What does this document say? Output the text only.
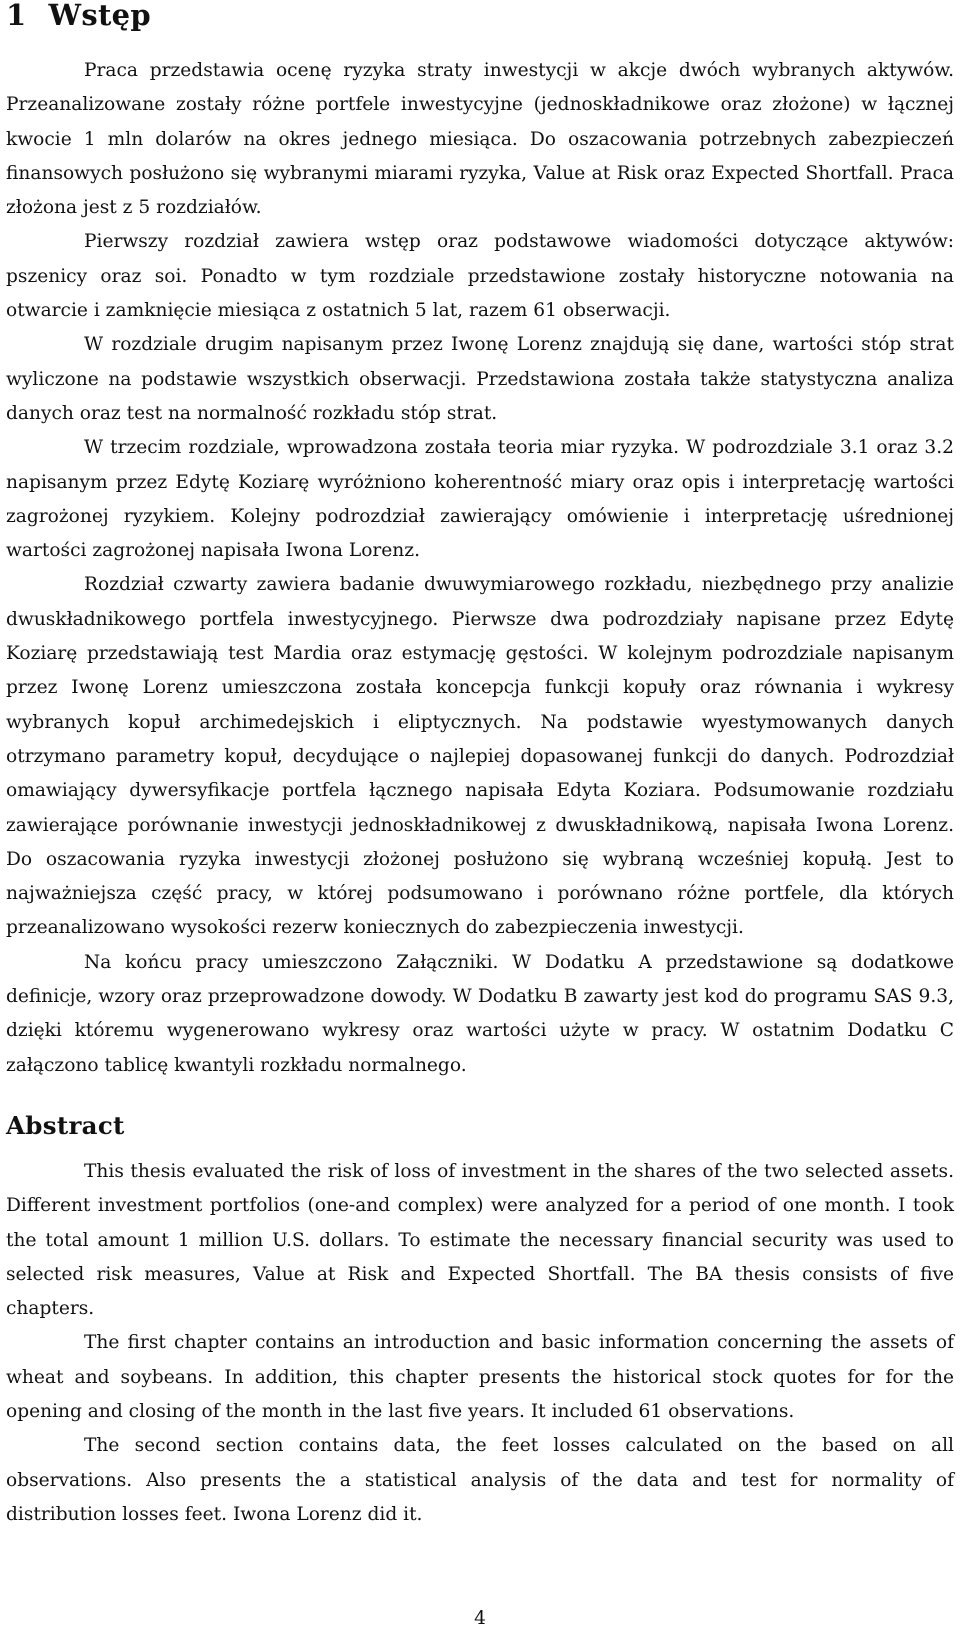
1 Wstęp

Praca przedstawia ocenę ryzyka straty inwestycji w akcje dwóch wybranych aktywów. Przeanalizowane zostały różne portfele inwestycyjne (jednoskładnikowe oraz złożone) w łącznej kwocie 1 mln dolarów na okres jednego miesiąca. Do oszacowania potrzebnych zabezpieczeń finansowych posłużono się wybranymi miarami ryzyka, Value at Risk oraz Expected Shortfall. Praca złożona jest z 5 rozdziałów.

Pierwszy rozdział zawiera wstęp oraz podstawowe wiadomości dotyczące aktywów: pszenicy oraz soi. Ponadto w tym rozdziale przedstawione zostały historyczne notowania na otwarcie i zamknięcie miesiąca z ostatnich 5 lat, razem 61 obserwacji.

W rozdziale drugim napisanym przez Iwonę Lorenz znajdują się dane, wartości stóp strat wyliczone na podstawie wszystkich obserwacji. Przedstawiona została także statystyczna analiza danych oraz test na normalność rozkładu stóp strat.

W trzecim rozdziale, wprowadzona została teoria miar ryzyka. W podrozdziale 3.1 oraz 3.2 napisanym przez Edytę Koziarę wyróżniono koherentność miary oraz opis i interpretację wartości zagrożonej ryzykiem. Kolejny podrozdział zawierający omówienie i interpretację uśrednionej wartości zagrożonej napisała Iwona Lorenz.

Rozdział czwarty zawiera badanie dwuwymiarowego rozkładu, niezbędnego przy analizie dwuskładnikowego portfela inwestycyjnego. Pierwsze dwa podrozdziały napisane przez Edytę Koziarę przedstawiają test Mardia oraz estymację gęstości. W kolejnym podrozdziale napisanym przez Iwonę Lorenz umieszczona została koncepcja funkcji kopuły oraz równania i wykresy wybranych kopuł archimedejskich i eliptycznych. Na podstawie wyestymowanych danych otrzymano parametry kopuł, decydujące o najlepiej dopasowanej funkcji do danych. Podrozdział omawiający dywersyfikacje portfela łącznego napisała Edyta Koziara. Podsumowanie rozdziału zawierające porównanie inwestycji jednoskładnikowej z dwuskładnikową, napisała Iwona Lorenz. Do oszacowania ryzyka inwestycji złożonej posłużono się wybraną wcześniej kopułą. Jest to najważniejsza część pracy, w której podsumowano i porównano różne portfele, dla których przeanalizowano wysokości rezerw koniecznych do zabezpieczenia inwestycji.

Na końcu pracy umieszczono Załączniki. W Dodatku A przedstawione są dodatkowe definicje, wzory oraz przeprowadzone dowody. W Dodatku B zawarty jest kod do programu SAS 9.3, dzięki któremu wygenerowano wykresy oraz wartości użyte w pracy. W ostatnim Dodatku C załączono tablicę kwantyli rozkładu normalnego.

Abstract

This thesis evaluated the risk of loss of investment in the shares of the two selected assets. Different investment portfolios (one-and complex) were analyzed for a period of one month. I took the total amount 1 million U.S. dollars. To estimate the necessary financial security was used to selected risk measures, Value at Risk and Expected Shortfall. The BA thesis consists of five chapters.

The first chapter contains an introduction and basic information concerning the assets of wheat and soybeans. In addition, this chapter presents the historical stock quotes for for the opening and closing of the month in the last five years. It included 61 observations.

The second section contains data, the feet losses calculated on the based on all observations. Also presents the a statistical analysis of the data and test for normality of distribution losses feet. Iwona Lorenz did it.

4
